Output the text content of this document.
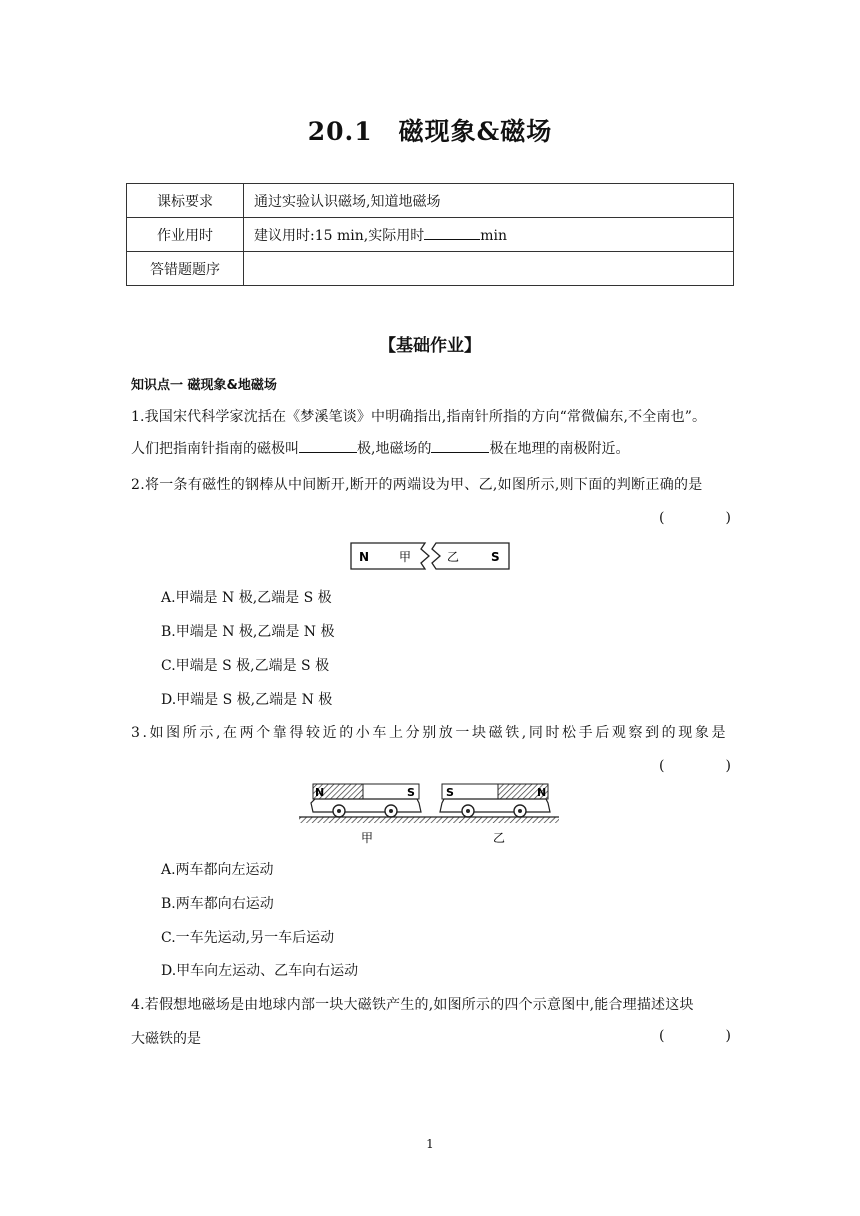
20.1　磁现象&磁场
课标要求	通过实验认识磁场,知道地磁场
作业用时	建议用时:15 min,实际用时 min
答错题题序	
【基础作业】
知识点一 磁现象&地磁场
1.我国宋代科学家沈括在《梦溪笔谈》中明确指出,指南针所指的方向“常微偏东,不全南也”。
人们把指南针指南的磁极叫	极,地磁场的	极在地理的南极附近。
2.将一条有磁性的钢棒从中间断开,断开的两端设为甲、乙,如图所示,则下面的判断正确的是
(	)
N 甲	乙	S
A.甲端是 N 极,乙端是 S 极
B.甲端是 N 极,乙端是 N 极
C.甲端是 S 极,乙端是 S 极
D.甲端是 S 极,乙端是 N 极
3.如图所示,在两个靠得较近的小车上分别放一块磁铁,同时松手后观察到的现象是
(	)
N	S	S	N
甲	乙
A.两车都向左运动
B.两车都向右运动
C.一车先运动,另一车后运动
D.甲车向左运动、乙车向右运动
4.若假想地磁场是由地球内部一块大磁铁产生的,如图所示的四个示意图中,能合理描述这块
大磁铁的是	(	)
1
